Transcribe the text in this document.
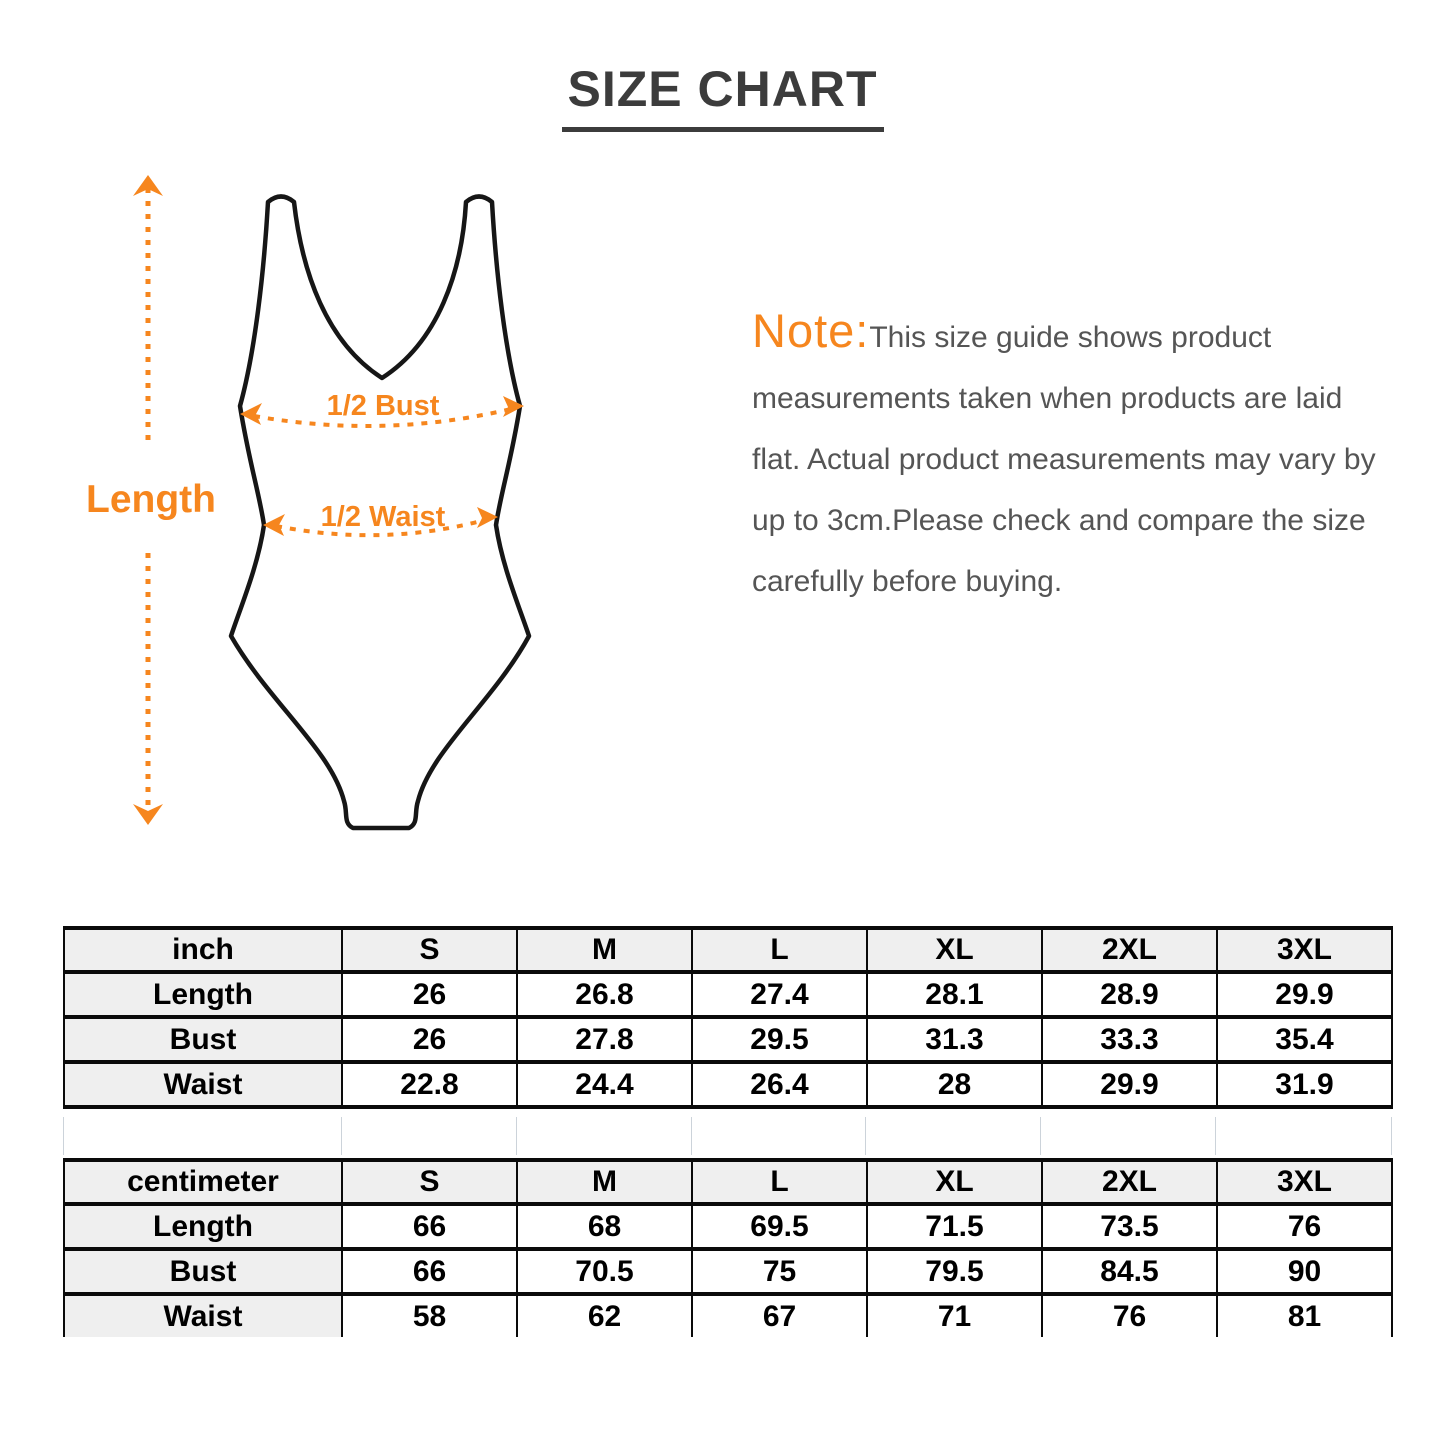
SIZE CHART
Length
1/2 Bust
1/2 Waist

Note:This size guide shows product measurements taken when products are laid flat. Actual product measurements may vary by up to 3cm.Please check and compare the size carefully before buying.

inch	S	M	L	XL	2XL	3XL
Length	26	26.8	27.4	28.1	28.9	29.9
Bust	26	27.8	29.5	31.3	33.3	35.4
Waist	22.8	24.4	26.4	28	29.9	31.9
centimeter	S	M	L	XL	2XL	3XL
Length	66	68	69.5	71.5	73.5	76
Bust	66	70.5	75	79.5	84.5	90
Waist	58	62	67	71	76	81
